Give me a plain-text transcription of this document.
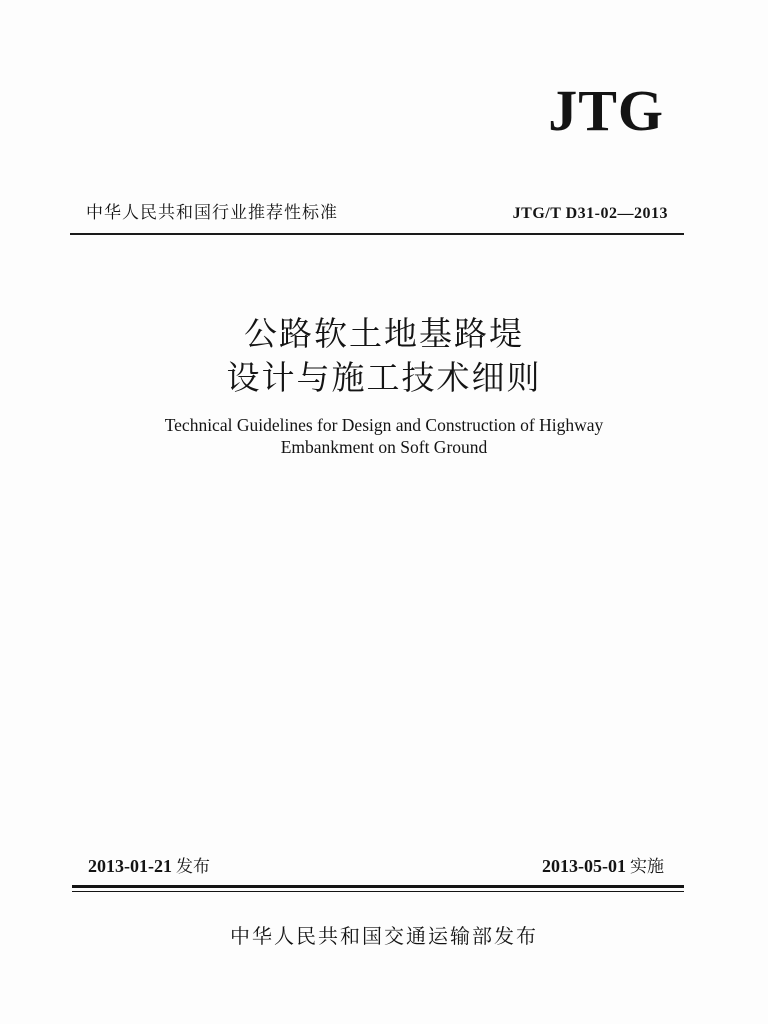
JTG
中华人民共和国行业推荐性标准	JTG/T D31-02—2013
公路软土地基路堤
设计与施工技术细则
Technical Guidelines for Design and Construction of Highway
Embankment on Soft Ground
2013-01-21 发布	2013-05-01 实施
中华人民共和国交通运输部发布
